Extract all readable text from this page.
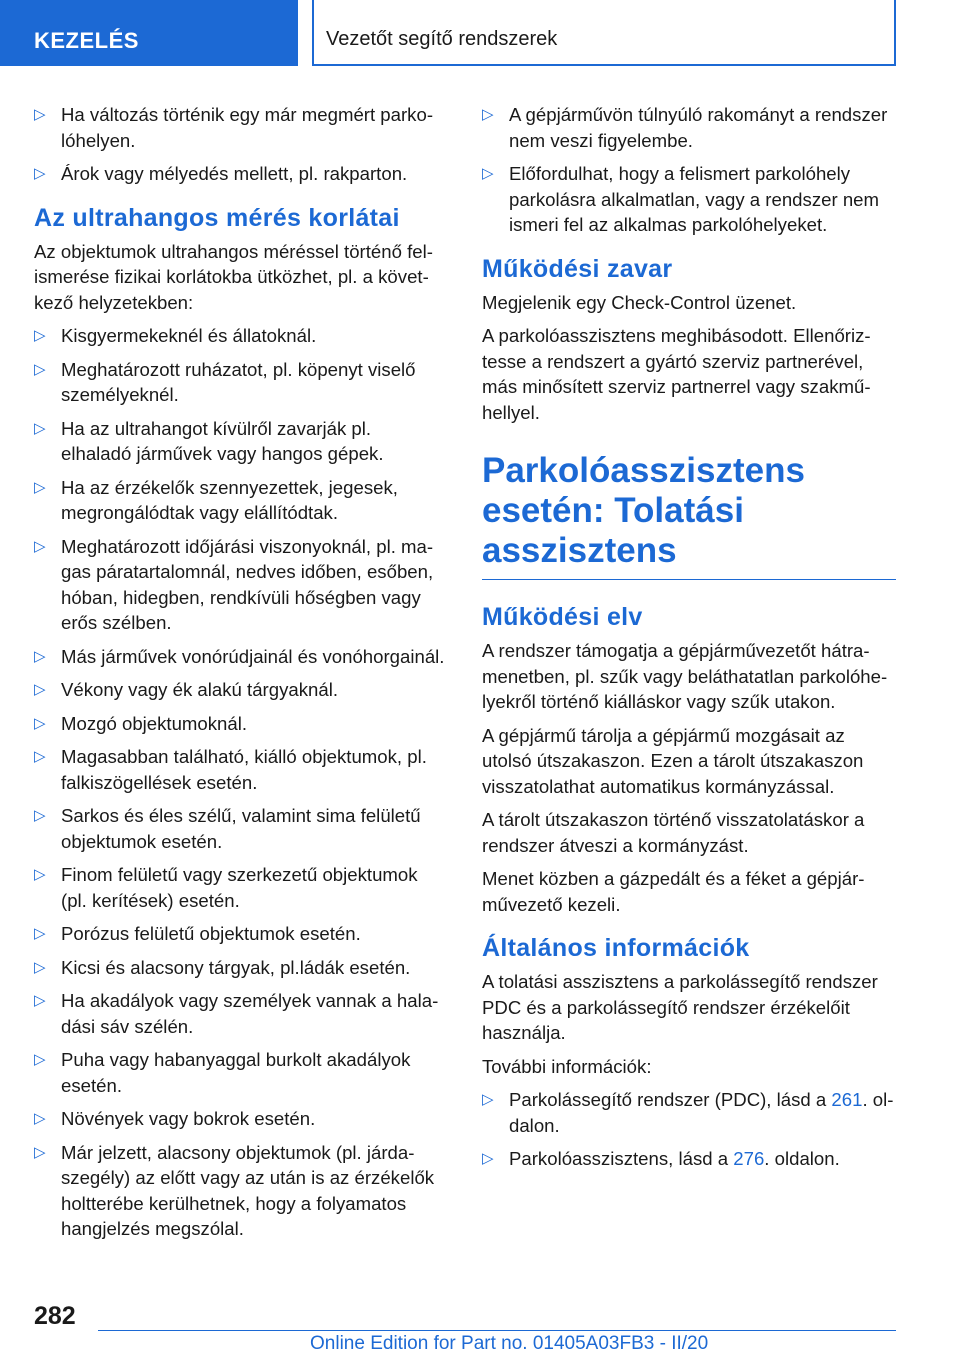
KEZELÉS	Vezetőt segítő rendszerek
▷ Ha változás történik egy már megmért parkolóhelyen.
▷ Árok vagy mélyedés mellett, pl. rakparton.
Az ultrahangos mérés korlátai

Az objektumok ultrahangos méréssel történő felismerése fizikai korlátokba ütközhet, pl. a következő helyzetekben:

▷ Kisgyermekeknél és állatoknál.
▷ Meghatározott ruházatot, pl. köpenyt viselő személyeknél.
▷ Ha az ultrahangot kívülről zavarják pl. elhaladó járművek vagy hangos gépek.
▷ Ha az érzékelők szennyezettek, jegesek, megrongálódtak vagy elállítódtak.
▷ Meghatározott időjárási viszonyoknál, pl. magas páratartalomnál, nedves időben, esőben, hóban, hidegben, rendkívüli hőségben vagy erős szélben.
▷ Más járművek vonórúdjainál és vonóhorgainál.
▷ Vékony vagy ék alakú tárgyaknál.
▷ Mozgó objektumoknál.
▷ Magasabban található, kiálló objektumok, pl. falkiszögellések esetén.
▷ Sarkos és éles szélű, valamint sima felületű objektumok esetén.
▷ Finom felületű vagy szerkezetű objektumok (pl. kerítések) esetén.
▷ Porózus felületű objektumok esetén.
▷ Kicsi és alacsony tárgyak, pl.ládák esetén.
▷ Ha akadályok vagy személyek vannak a haladási sáv szélén.
▷ Puha vagy habanyaggal burkolt akadályok esetén.
▷ Növények vagy bokrok esetén.
▷ Már jelzett, alacsony objektumok (pl. járdaszegély) az előtt vagy az után is az érzékelők holtterébe kerülhetnek, hogy a folyamatos hangjelzés megszólal.
▷ A gépjárművön túlnyúló rakományt a rendszer nem veszi figyelembe.
▷ Előfordulhat, hogy a felismert parkolóhely parkolásra alkalmatlan, vagy a rendszer nem ismeri fel az alkalmas parkolóhelyeket.
Működési zavar

Megjelenik egy Check-Control üzenet.

A parkolóasszisztens meghibásodott. Ellenőriztesse a rendszert a gyártó szerviz partnerével, más minősített szerviz partnerrel vagy szakműhellyel.

Parkolóasszisztens esetén: Tolatási asszisztens
Működési elv

A rendszer támogatja a gépjárművezetőt hátramenetben, pl. szűk vagy beláthatatlan parkolóhelyekről történő kiálláskor vagy szűk utakon.

A gépjármű tárolja a gépjármű mozgásait az utolsó útszakaszon. Ezen a tárolt útszakaszon visszatolathat automatikus kormányzással.

A tárolt útszakaszon történő visszatolatáskor a rendszer átveszi a kormányzást.

Menet közben a gázpedált és a féket a gépjárművezető kezeli.

Általános információk

A tolatási asszisztens a parkolássegítő rendszer PDC és a parkolássegítő rendszer érzékelőit használja.

További információk:

▷ Parkolássegítő rendszer (PDC), lásd a 261. oldalon.
▷ Parkolóasszisztens, lásd a 276. oldalon.
282
Online Edition for Part no. 01405A03FB3 - II/20
